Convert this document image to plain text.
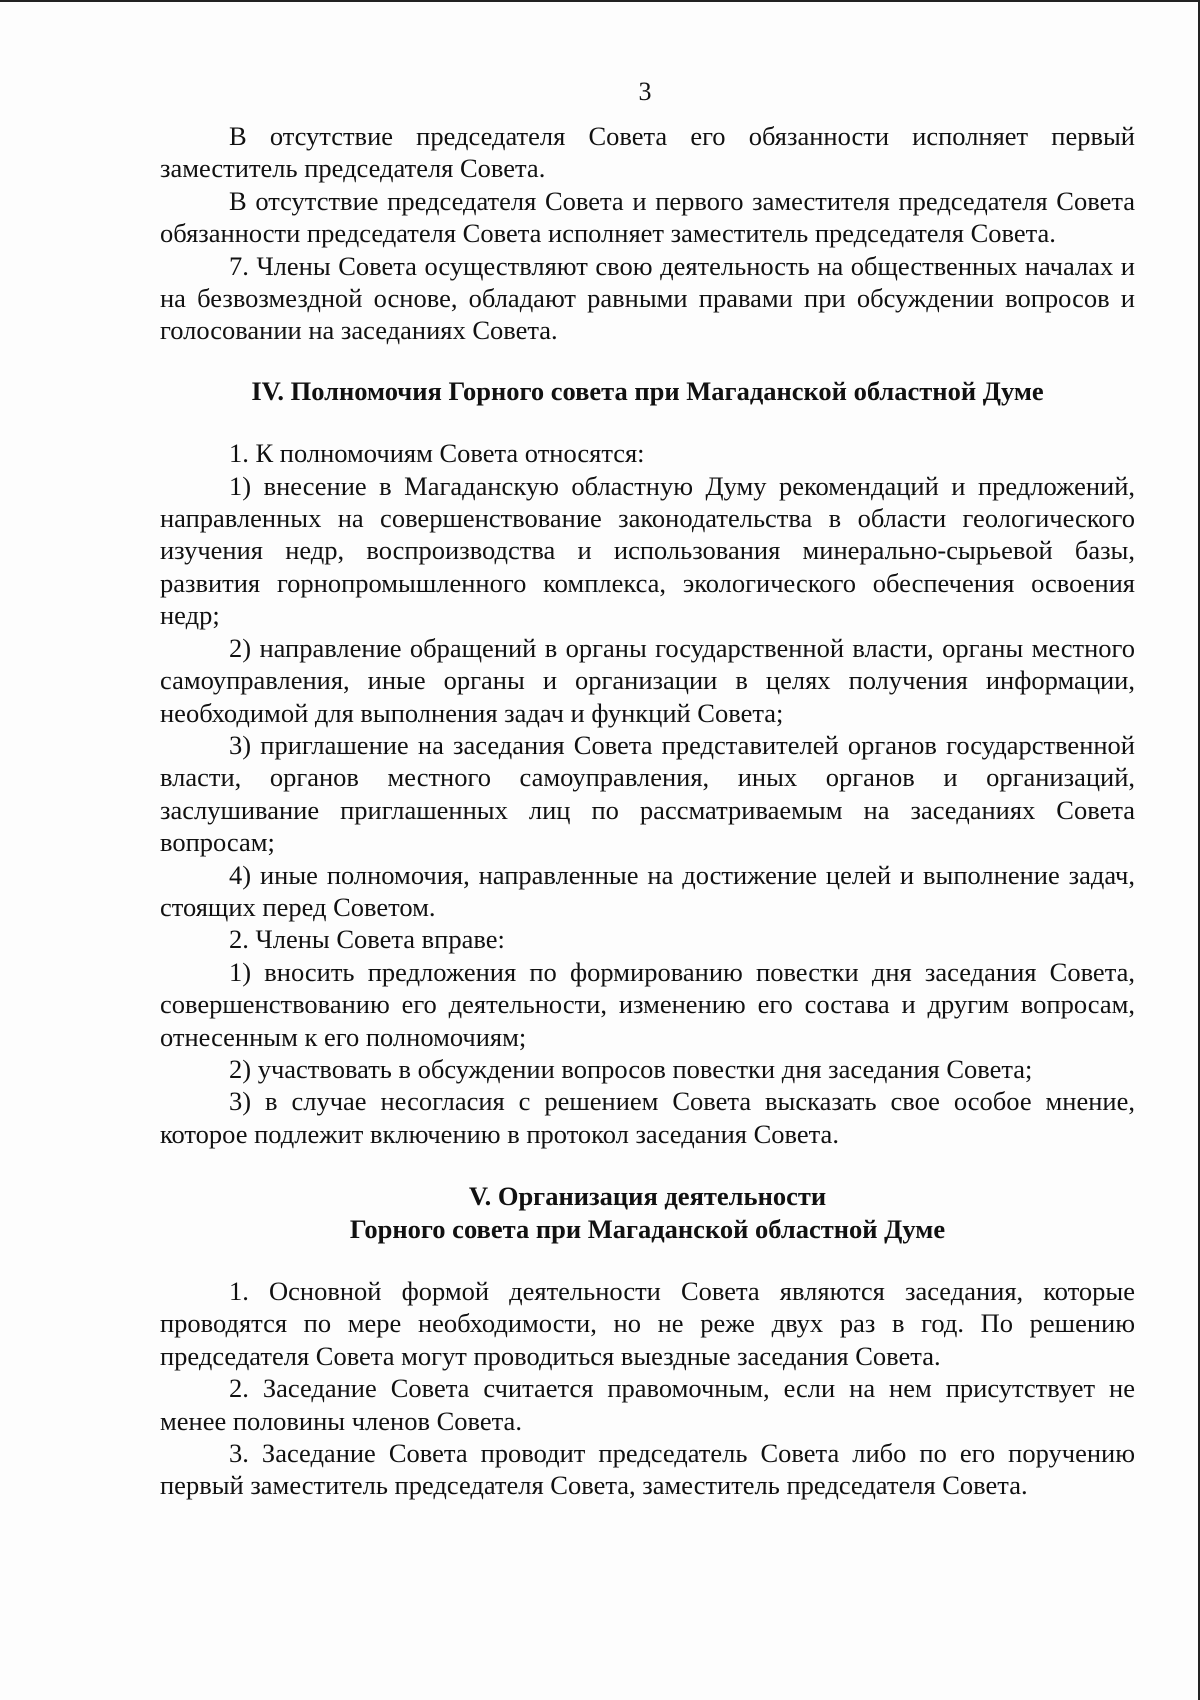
3

В отсутствие председателя Совета его обязанности исполняет первый заместитель председателя Совета.

В отсутствие председателя Совета и первого заместителя председателя Совета обязанности председателя Совета исполняет заместитель председателя Совета.

7. Члены Совета осуществляют свою деятельность на общественных началах и на безвозмездной основе, обладают равными правами при обсуждении вопросов и голосовании на заседаниях Совета.

IV. Полномочия Горного совета при Магаданской областной Думе

1. К полномочиям Совета относятся:

1) внесение в Магаданскую областную Думу рекомендаций и предложений, направленных на совершенствование законодательства в области геологического изучения недр, воспроизводства и использования минерально-сырьевой базы, развития горнопромышленного комплекса, экологического обеспечения освоения недр;

2) направление обращений в органы государственной власти, органы местного самоуправления, иные органы и организации в целях получения информации, необходимой для выполнения задач и функций Совета;

3) приглашение на заседания Совета представителей органов государственной власти, органов местного самоуправления, иных органов и организаций, заслушивание приглашенных лиц по рассматриваемым на заседаниях Совета вопросам;

4) иные полномочия, направленные на достижение целей и выполнение задач, стоящих перед Советом.

2. Члены Совета вправе:

1) вносить предложения по формированию повестки дня заседания Совета, совершенствованию его деятельности, изменению его состава и другим вопросам, отнесенным к его полномочиям;

2) участвовать в обсуждении вопросов повестки дня заседания Совета;

3) в случае несогласия с решением Совета высказать свое особое мнение, которое подлежит включению в протокол заседания Совета.

V. Организация деятельности

Горного совета при Магаданской областной Думе

1. Основной формой деятельности Совета являются заседания, которые проводятся по мере необходимости, но не реже двух раз в год. По решению председателя Совета могут проводиться выездные заседания Совета.

2. Заседание Совета считается правомочным, если на нем присутствует не менее половины членов Совета.

3. Заседание Совета проводит председатель Совета либо по его поручению первый заместитель председателя Совета, заместитель председателя Совета.
